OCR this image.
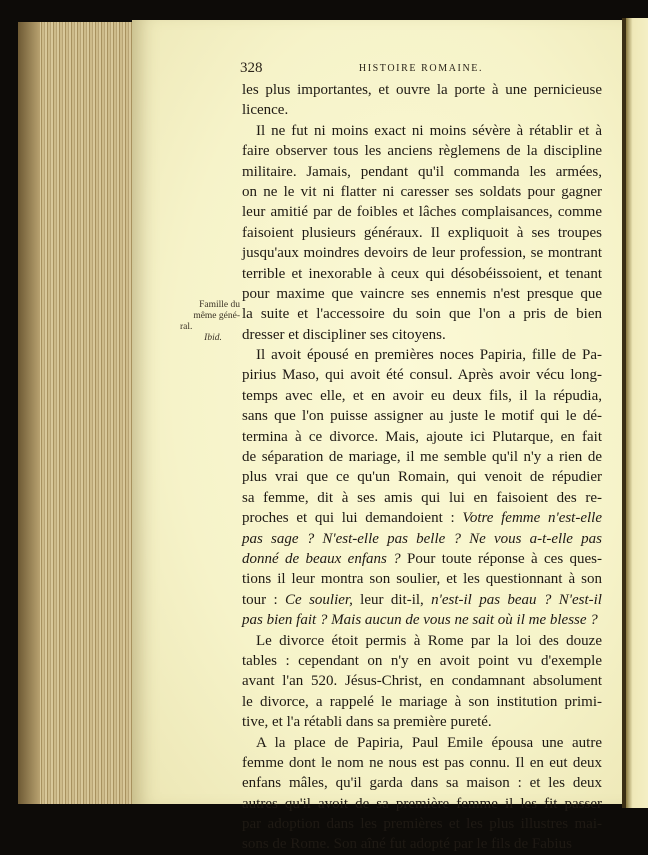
328	HISTOIRE ROMAINE.
Famille du
même géné-
ral.
Ibid.
les plus importantes, et ouvre la porte à une pernicieuse
licence.
Il ne fut ni moins exact ni moins sévère à rétablir et à
faire observer tous les anciens règlemens de la discipline
militaire. Jamais, pendant qu'il commanda les armées,
on ne le vit ni flatter ni caresser ses soldats pour gagner
leur amitié par de foibles et lâches complaisances, comme
faisoient plusieurs généraux. Il expliquoit à ses troupes
jusqu'aux moindres devoirs de leur profession, se montrant
terrible et inexorable à ceux qui désobéissoient, et tenant
pour maxime que vaincre ses ennemis n'est presque que
la suite et l'accessoire du soin que l'on a pris de bien
dresser et discipliner ses citoyens.
Il avoit épousé en premières noces Papiria, fille de Pa-
pirius Maso, qui avoit été consul. Après avoir vécu long-
temps avec elle, et en avoir eu deux fils, il la répudia,
sans que l'on puisse assigner au juste le motif qui le dé-
termina à ce divorce. Mais, ajoute ici Plutarque, en fait
de séparation de mariage, il me semble qu'il n'y a rien de
plus vrai que ce qu'un Romain, qui venoit de répudier
sa femme, dit à ses amis qui lui en faisoient des re-
proches et qui lui demandoient : Votre femme n'est-elle
pas sage ? N'est-elle pas belle ? Ne vous a-t-elle pas
donné de beaux enfans ? Pour toute réponse à ces ques-
tions il leur montra son soulier, et les questionnant à son
tour : Ce soulier, leur dit-il, n'est-il pas beau ? N'est-il
pas bien fait ? Mais aucun de vous ne sait où il me blesse ?
Le divorce étoit permis à Rome par la loi des douze
tables : cependant on n'y en avoit point vu d'exemple
avant l'an 520. Jésus-Christ, en condamnant absolument
le divorce, a rappelé le mariage à son institution primi-
tive, et l'a rétabli dans sa première pureté.
A la place de Papiria, Paul Emile épousa une autre
femme dont le nom ne nous est pas connu. Il en eut deux
enfans mâles, qu'il garda dans sa maison : et les deux
autres qu'il avoit de sa première femme il les fit passer
par adoption dans les premières et les plus illustres mai-
sons de Rome. Son aîné fut adopté par le fils de Fabius
